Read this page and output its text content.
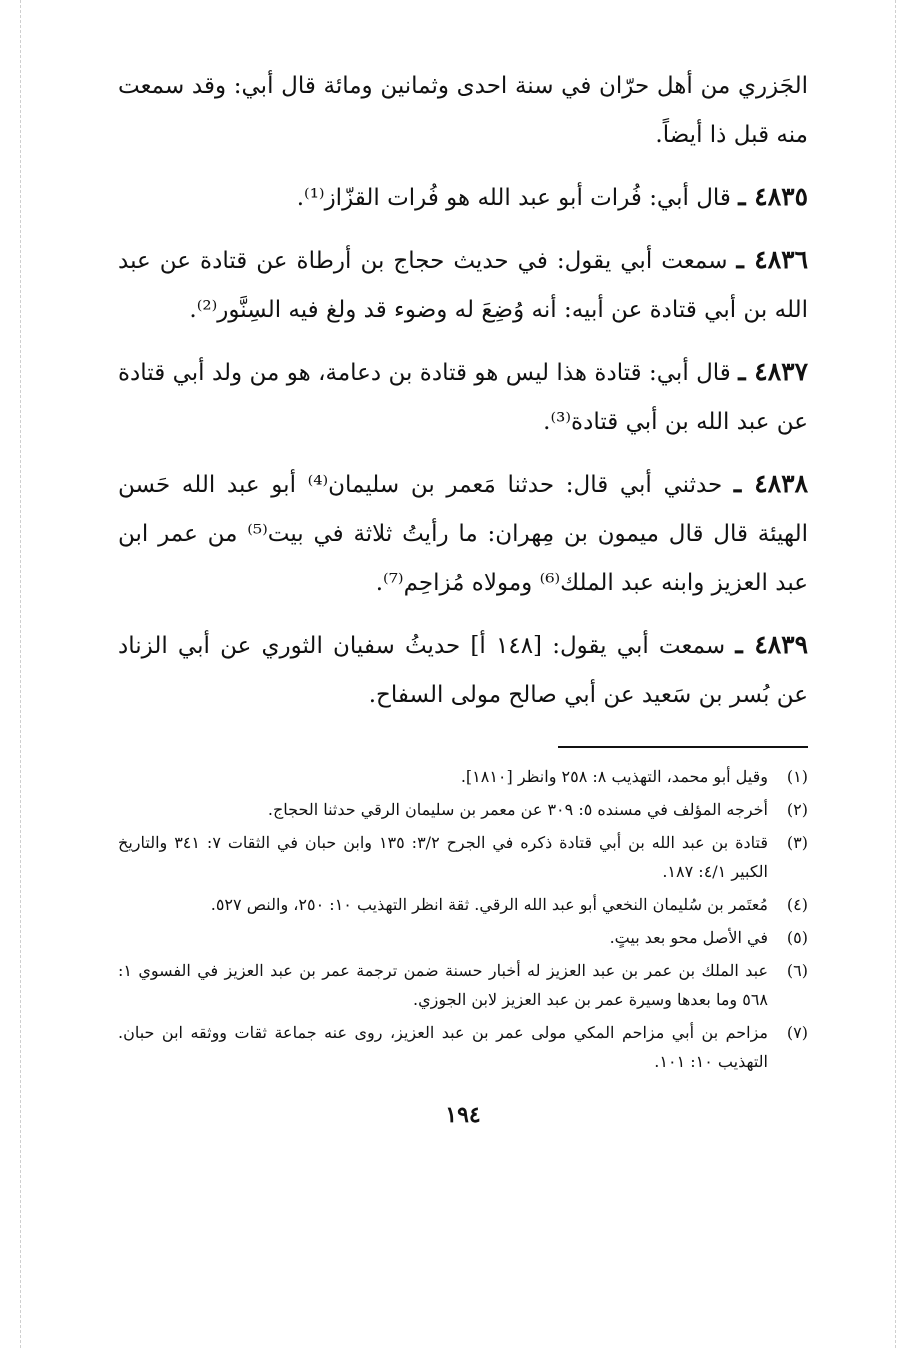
الجَزري من أهل حرّان في سنة احدى وثمانين ومائة قال أبي: وقد سمعت منه قبل ذا أيضاً.

٤٨٣٥ ـ قال أبي: فُرات أبو عبد الله هو فُرات القزّاز⁽¹⁾.

٤٨٣٦ ـ سمعت أبي يقول: في حديث حجاج بن أرطاة عن قتادة عن عبد الله بن أبي قتادة عن أبيه: أنه وُضِعَ له وضوء قد ولغ فيه السِنَّور⁽²⁾.

٤٨٣٧ ـ قال أبي: قتادة هذا ليس هو قتادة بن دعامة، هو من ولد أبي قتادة عن عبد الله بن أبي قتادة⁽³⁾.

٤٨٣٨ ـ حدثني أبي قال: حدثنا مَعمر بن سليمان⁽⁴⁾ أبو عبد الله حَسن الهيئة قال قال ميمون بن مِهران: ما رأيتُ ثلاثة في بيت⁽⁵⁾ من عمر ابن عبد العزيز وابنه عبد الملك⁽⁶⁾ ومولاه مُزاحِم⁽⁷⁾.

٤٨٣٩ ـ سمعت أبي يقول: [١٤٨ أ] حديثُ سفيان الثوري عن أبي الزناد عن بُسر بن سَعيد عن أبي صالح مولى السفاح.

(١)
وقيل أبو محمد، التهذيب ٨: ٢٥٨ وانظر [١٨١٠].
(٢)
أخرجه المؤلف في مسنده ٥: ٣٠٩ عن معمر بن سليمان الرقي حدثنا الحجاج.
(٣)
قتادة بن عبد الله بن أبي قتادة ذكره في الجرح ٣/٢: ١٣٥ وابن حبان في الثقات ٧: ٣٤١ والتاريخ الكبير ٤/١: ١٨٧.
(٤)
مُعتَمر بن سُليمان النخعي أبو عبد الله الرقي. ثقة انظر التهذيب ١٠: ٢٥٠، والنص ٥٢٧.
(٥)
في الأصل محو بعد بيتٍ.
(٦)
عبد الملك بن عمر بن عبد العزيز له أخبار حسنة ضمن ترجمة عمر بن عبد العزيز في الفسوي ١: ٥٦٨ وما بعدها وسيرة عمر بن عبد العزيز لابن الجوزي.
(٧)
مزاحم بن أبي مزاحم المكي مولى عمر بن عبد العزيز، روى عنه جماعة ثقات ووثقه ابن حبان. التهذيب ١٠: ١٠١.
١٩٤
